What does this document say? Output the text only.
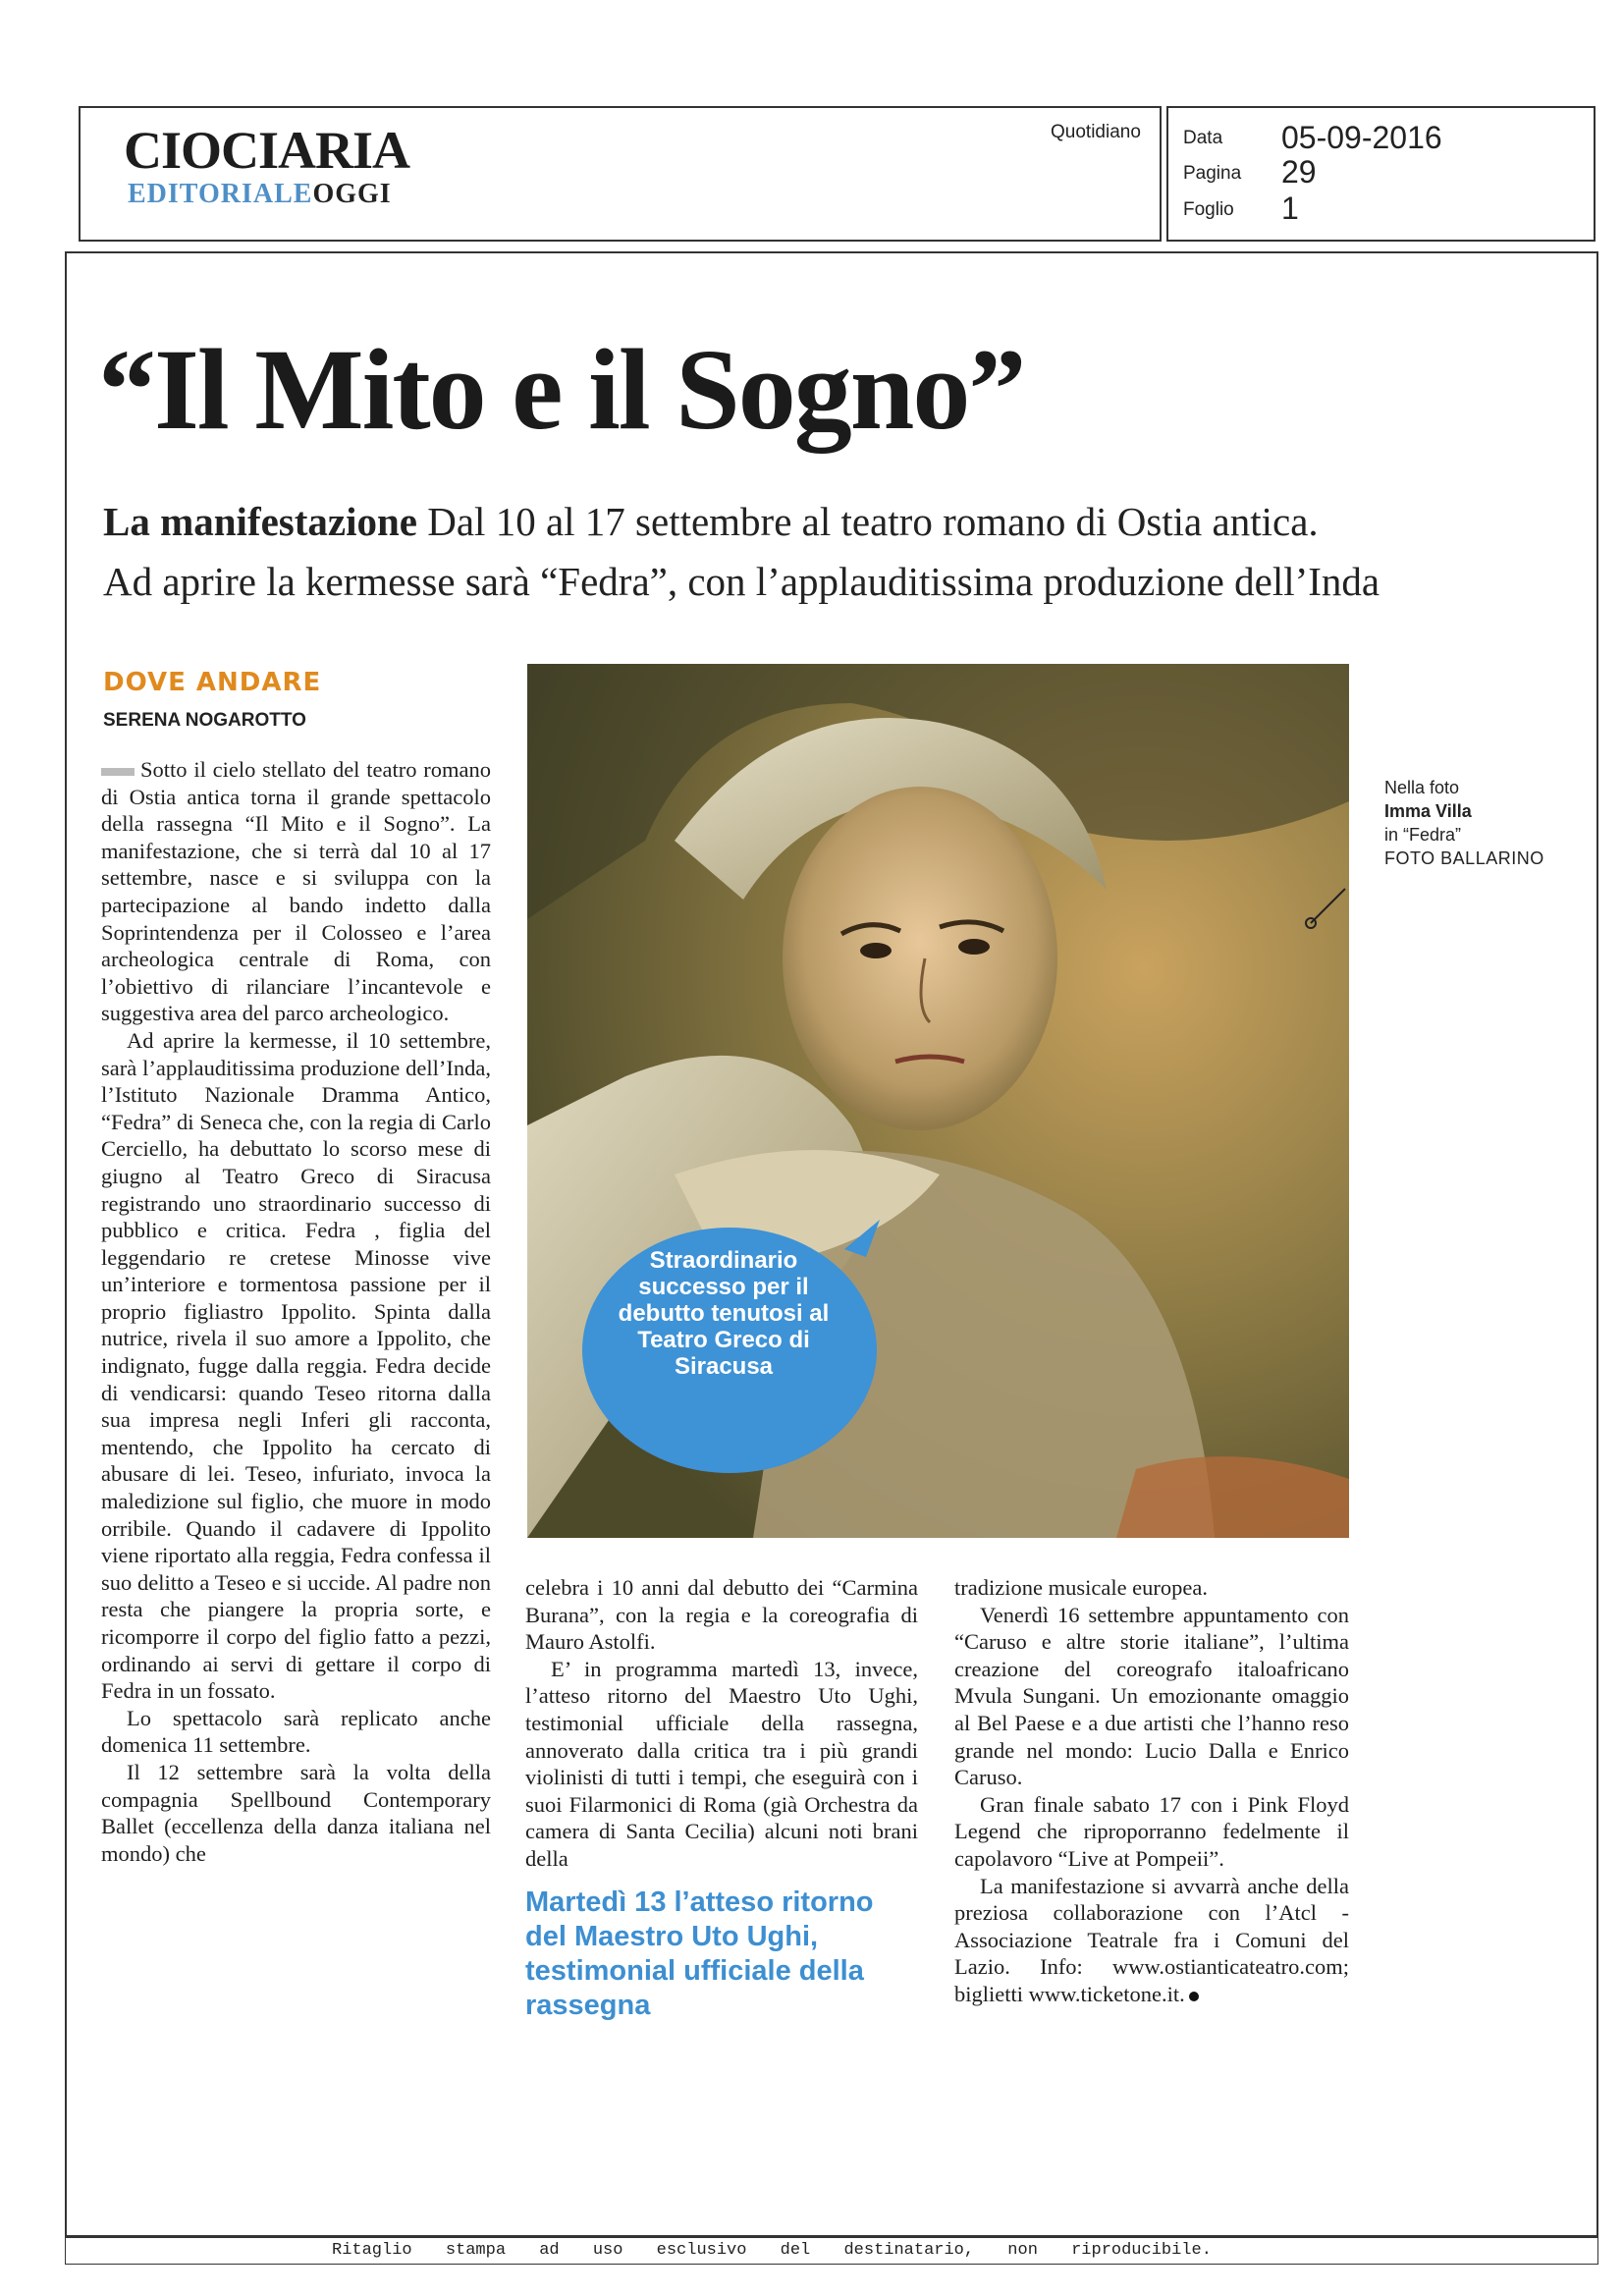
CIOCIARIA
EDITORIALEOGGI
Quotidiano Data 05-09-2016
Pagina 29
Foglio 1
“Il Mito e il Sogno”
La manifestazione Dal 10 al 17 settembre al teatro romano di Ostia antica.
Ad aprire la kermesse sarà “Fedra”, con l’applauditissima produzione dell’Inda
DOVE ANDARE
SERENA NOGAROTTO

Sotto il cielo stellato del teatro romano di Ostia antica torna il grande spettacolo della rassegna “Il Mito e il Sogno”. La manifestazione, che si terrà dal 10 al 17 settembre, nasce e si sviluppa con la partecipazione al bando indetto dalla Soprintendenza per il Colosseo e l’area archeologica centrale di Roma, con l’obiettivo di rilanciare l’incantevole e suggestiva area del parco archeologico.

Ad aprire la kermesse, il 10 settembre, sarà l’applauditissima produzione dell’Inda, l’Istituto Nazionale Dramma Antico, “Fedra” di Seneca che, con la regia di Carlo Cerciello, ha debuttato lo scorso mese di giugno al Teatro Greco di Siracusa registrando uno straordinario successo di pubblico e critica. Fedra , figlia del leggendario re cretese Minosse vive un’interiore e tormentosa passione per il proprio figliastro Ippolito. Spinta dalla nutrice, rivela il suo amore a Ippolito, che indignato, fugge dalla reggia. Fedra decide di vendicarsi: quando Teseo ritorna dalla sua impresa negli Inferi gli racconta, mentendo, che Ippolito ha cercato di abusare di lei. Teseo, infuriato, invoca la maledizione sul figlio, che muore in modo orribile. Quando il cadavere di Ippolito viene riportato alla reggia, Fedra confessa il suo delitto a Teseo e si uccide. Al padre non resta che piangere la propria sorte, e ricomporre il corpo del figlio fatto a pezzi, ordinando ai servi di gettare il corpo di Fedra in un fossato.

Lo spettacolo sarà replicato anche domenica 11 settembre.

Il 12 settembre sarà la volta della compagnia Spellbound Contemporary Ballet (eccellenza della danza italiana nel mondo) che

Straordinario successo per il debutto tenutosi al Teatro Greco di Siracusa
Nella foto
Imma Villa
in “Fedra”
FOTO BALLARINO

celebra i 10 anni dal debutto dei “Carmina Burana”, con la regia e la coreografia di Mauro Astolfi.

E’ in programma martedì 13, invece, l’atteso ritorno del Maestro Uto Ughi, testimonial ufficiale della rassegna, annoverato dalla critica tra i più grandi violinisti di tutti i tempi, che eseguirà con i suoi Filarmonici di Roma (già Orchestra da camera di Santa Cecilia) alcuni noti brani della

Martedì 13 l’atteso ritorno del Maestro Uto Ughi, testimonial ufficiale della rassegna

tradizione musicale europea.

Venerdì 16 settembre appuntamento con “Caruso e altre storie italiane”, l’ultima creazione del coreografo italoafricano Mvula Sungani. Un emozionante omaggio al Bel Paese e a due artisti che l’hanno reso grande nel mondo: Lucio Dalla e Enrico Caruso.

Gran finale sabato 17 con i Pink Floyd Legend che riproporranno fedelmente il capolavoro “Live at Pompeii”.

La manifestazione si avvarrà anche della preziosa collaborazione con l’Atcl - Associazione Teatrale fra i Comuni del Lazio. Info: www.ostianticateatro.com; biglietti www.ticketone.it.

Ritaglio stampa ad uso esclusivo del destinatario, non riproducibile.
